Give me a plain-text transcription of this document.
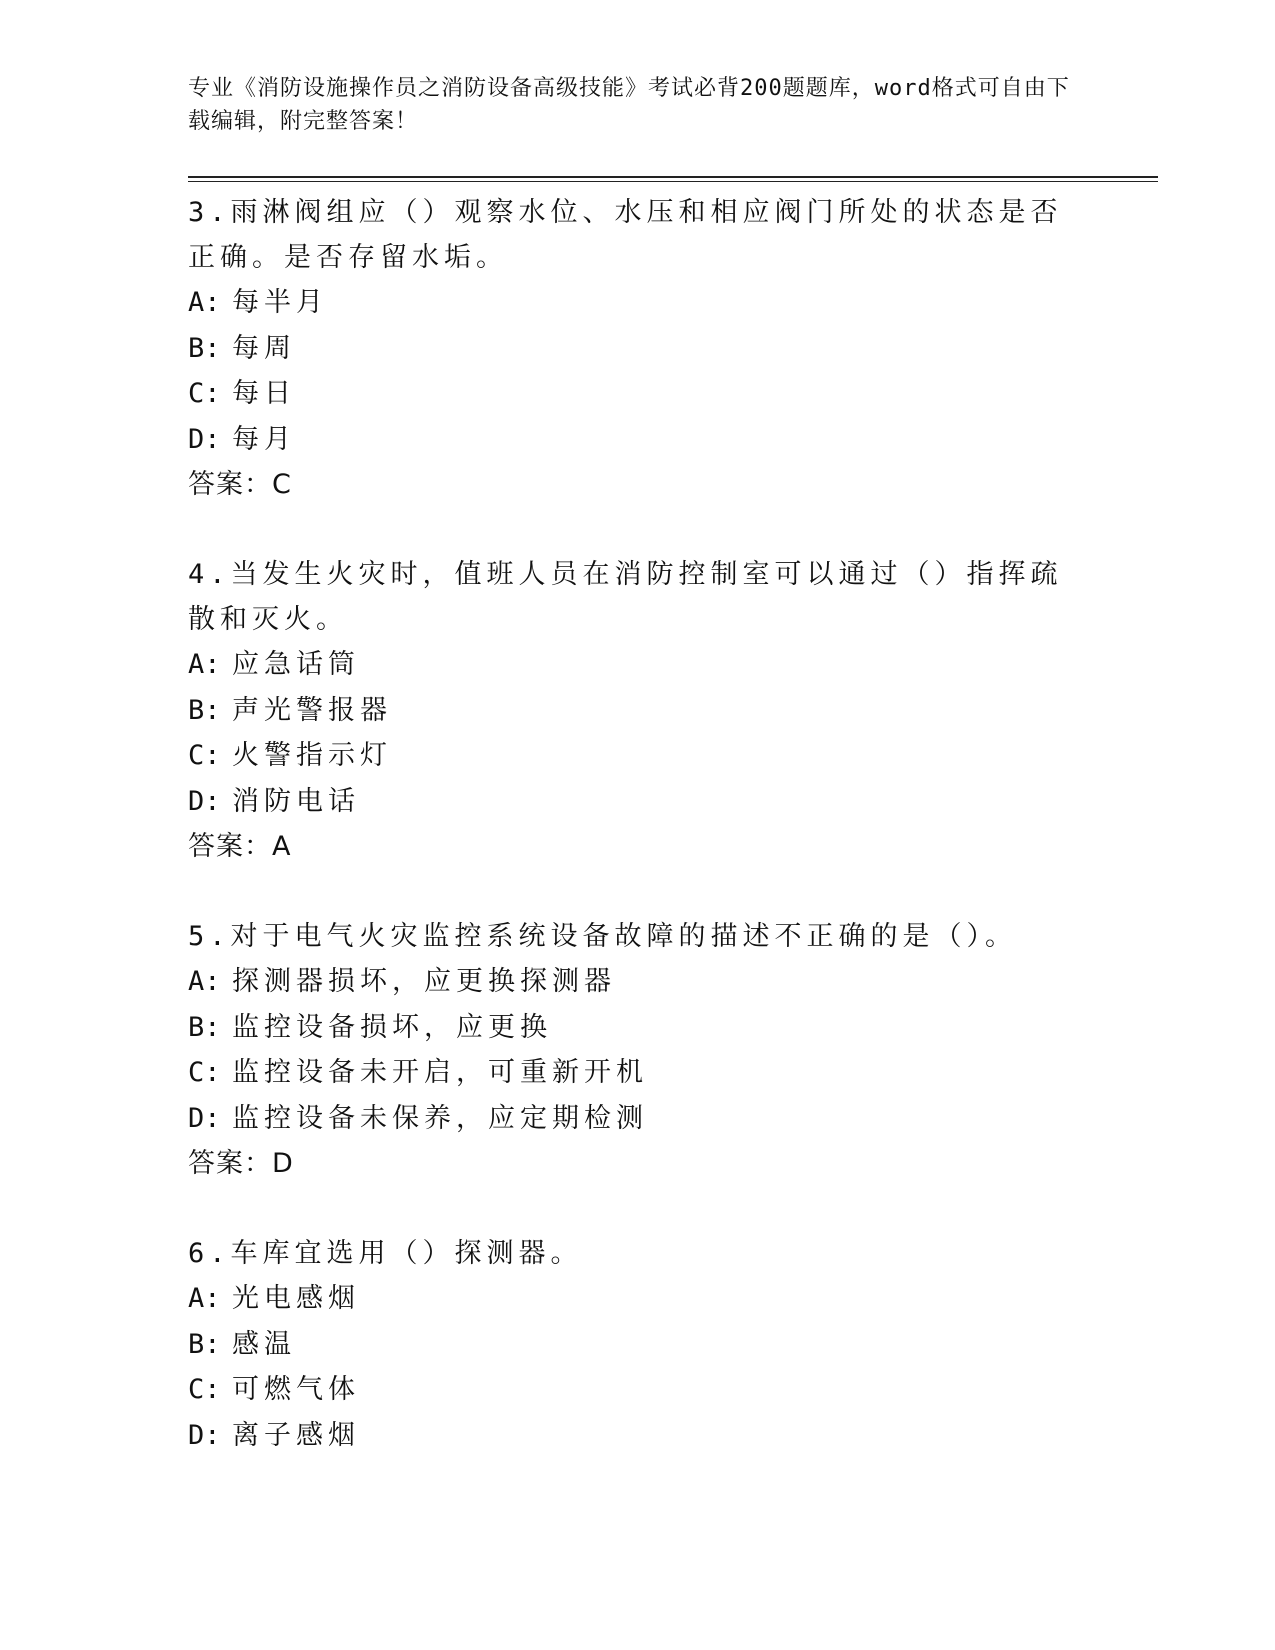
专业《消防设施操作员之消防设备高级技能》考试必背200题题库，word格式可自由下载编辑，附完整答案！

3.雨淋阀组应（）观察水位、水压和相应阀门所处的状态是否正确。是否存留水垢。

A: 每半月

B: 每周

C: 每日

D: 每月

答案：C

4.当发生火灾时，值班人员在消防控制室可以通过（）指挥疏散和灭火。

A: 应急话筒

B: 声光警报器

C: 火警指示灯

D: 消防电话

答案：A

5.对于电气火灾监控系统设备故障的描述不正确的是（）。

A: 探测器损坏，应更换探测器

B: 监控设备损坏，应更换

C: 监控设备未开启，可重新开机

D: 监控设备未保养，应定期检测

答案：D

6.车库宜选用（）探测器。

A: 光电感烟

B: 感温

C: 可燃气体

D: 离子感烟
